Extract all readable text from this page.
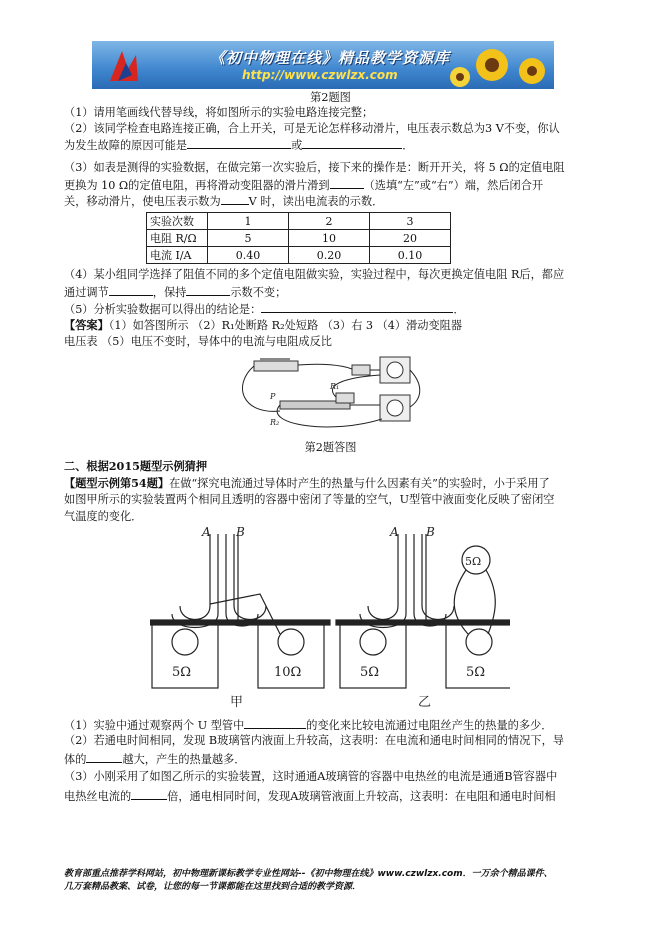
《初中物理在线》精品教学资源库
http://www.czwlzx.com
第2题图
（1）请用笔画线代替导线，将如图所示的实验电路连接完整；
（2）该同学检查电路连接正确，合上开关，可是无论怎样移动滑片，电压表示数总为3 V不变，你认
为发生故障的原因可能是	或	．
（3）如表是测得的实验数据，在做完第一次实验后，接下来的操作是：断开开关，将 5 Ω的定值电阻
更换为 10 Ω的定值电阻，再将滑动变阻器的滑片滑到	（选填“左”或“右”）端，然后闭合开
关，移动滑片，使电压表示数为	V 时，读出电流表的示数．
实验次数	1	2	3
电阻 R/Ω	5	10	20
电流 I/A	0.40	0.20	0.10
（4）某小组同学选择了阻值不同的多个定值电阻做实验，实验过程中，每次更换定值电阻 R后，都应
通过调节	，保持	示数不变；
（5）分析实验数据可以得出的结论是：	．
【答案】（1）如答图所示 （2）R₁处断路 R₂处短路 （3）右 3 （4）滑动变阻器
电压表 （5）电压不变时，导体中的电流与电阻成反比
P
R₂
R₁
第2题答图
二、根据2015题型示例猜押
【题型示例第54题】在做“探究电流通过导体时产生的热量与什么因素有关”的实验时，小于采用了
如图甲所示的实验装置两个相同且透明的容器中密闭了等量的空气，U型管中液面变化反映了密闭空
气温度的变化．
A B	A B
5Ω	10Ω	5Ω	5Ω
5Ω
甲	乙
（1）实验中通过观察两个 U 型管中	的变化来比较电流通过电阻丝产生的热量的多少．
（2）若通电时间相同，发现 B玻璃管内液面上升较高，这表明：在电流和通电时间相同的情况下，导
体的	越大，产生的热量越多．
（3）小刚采用了如图乙所示的实验装置，这时通通A玻璃管的容器中电热丝的电流是通通B管容器中
电热丝电流的	倍，通电相同时间，发现A玻璃管液面上升较高，这表明：在电阻和通电时间相
教育部重点推荐学科网站，初中物理新课标教学专业性网站--《初中物理在线》www.czwlzx.com．一万余个精品课件、
几万套精品教案、试卷，让您的每一节课都能在这里找到合适的教学资源．
